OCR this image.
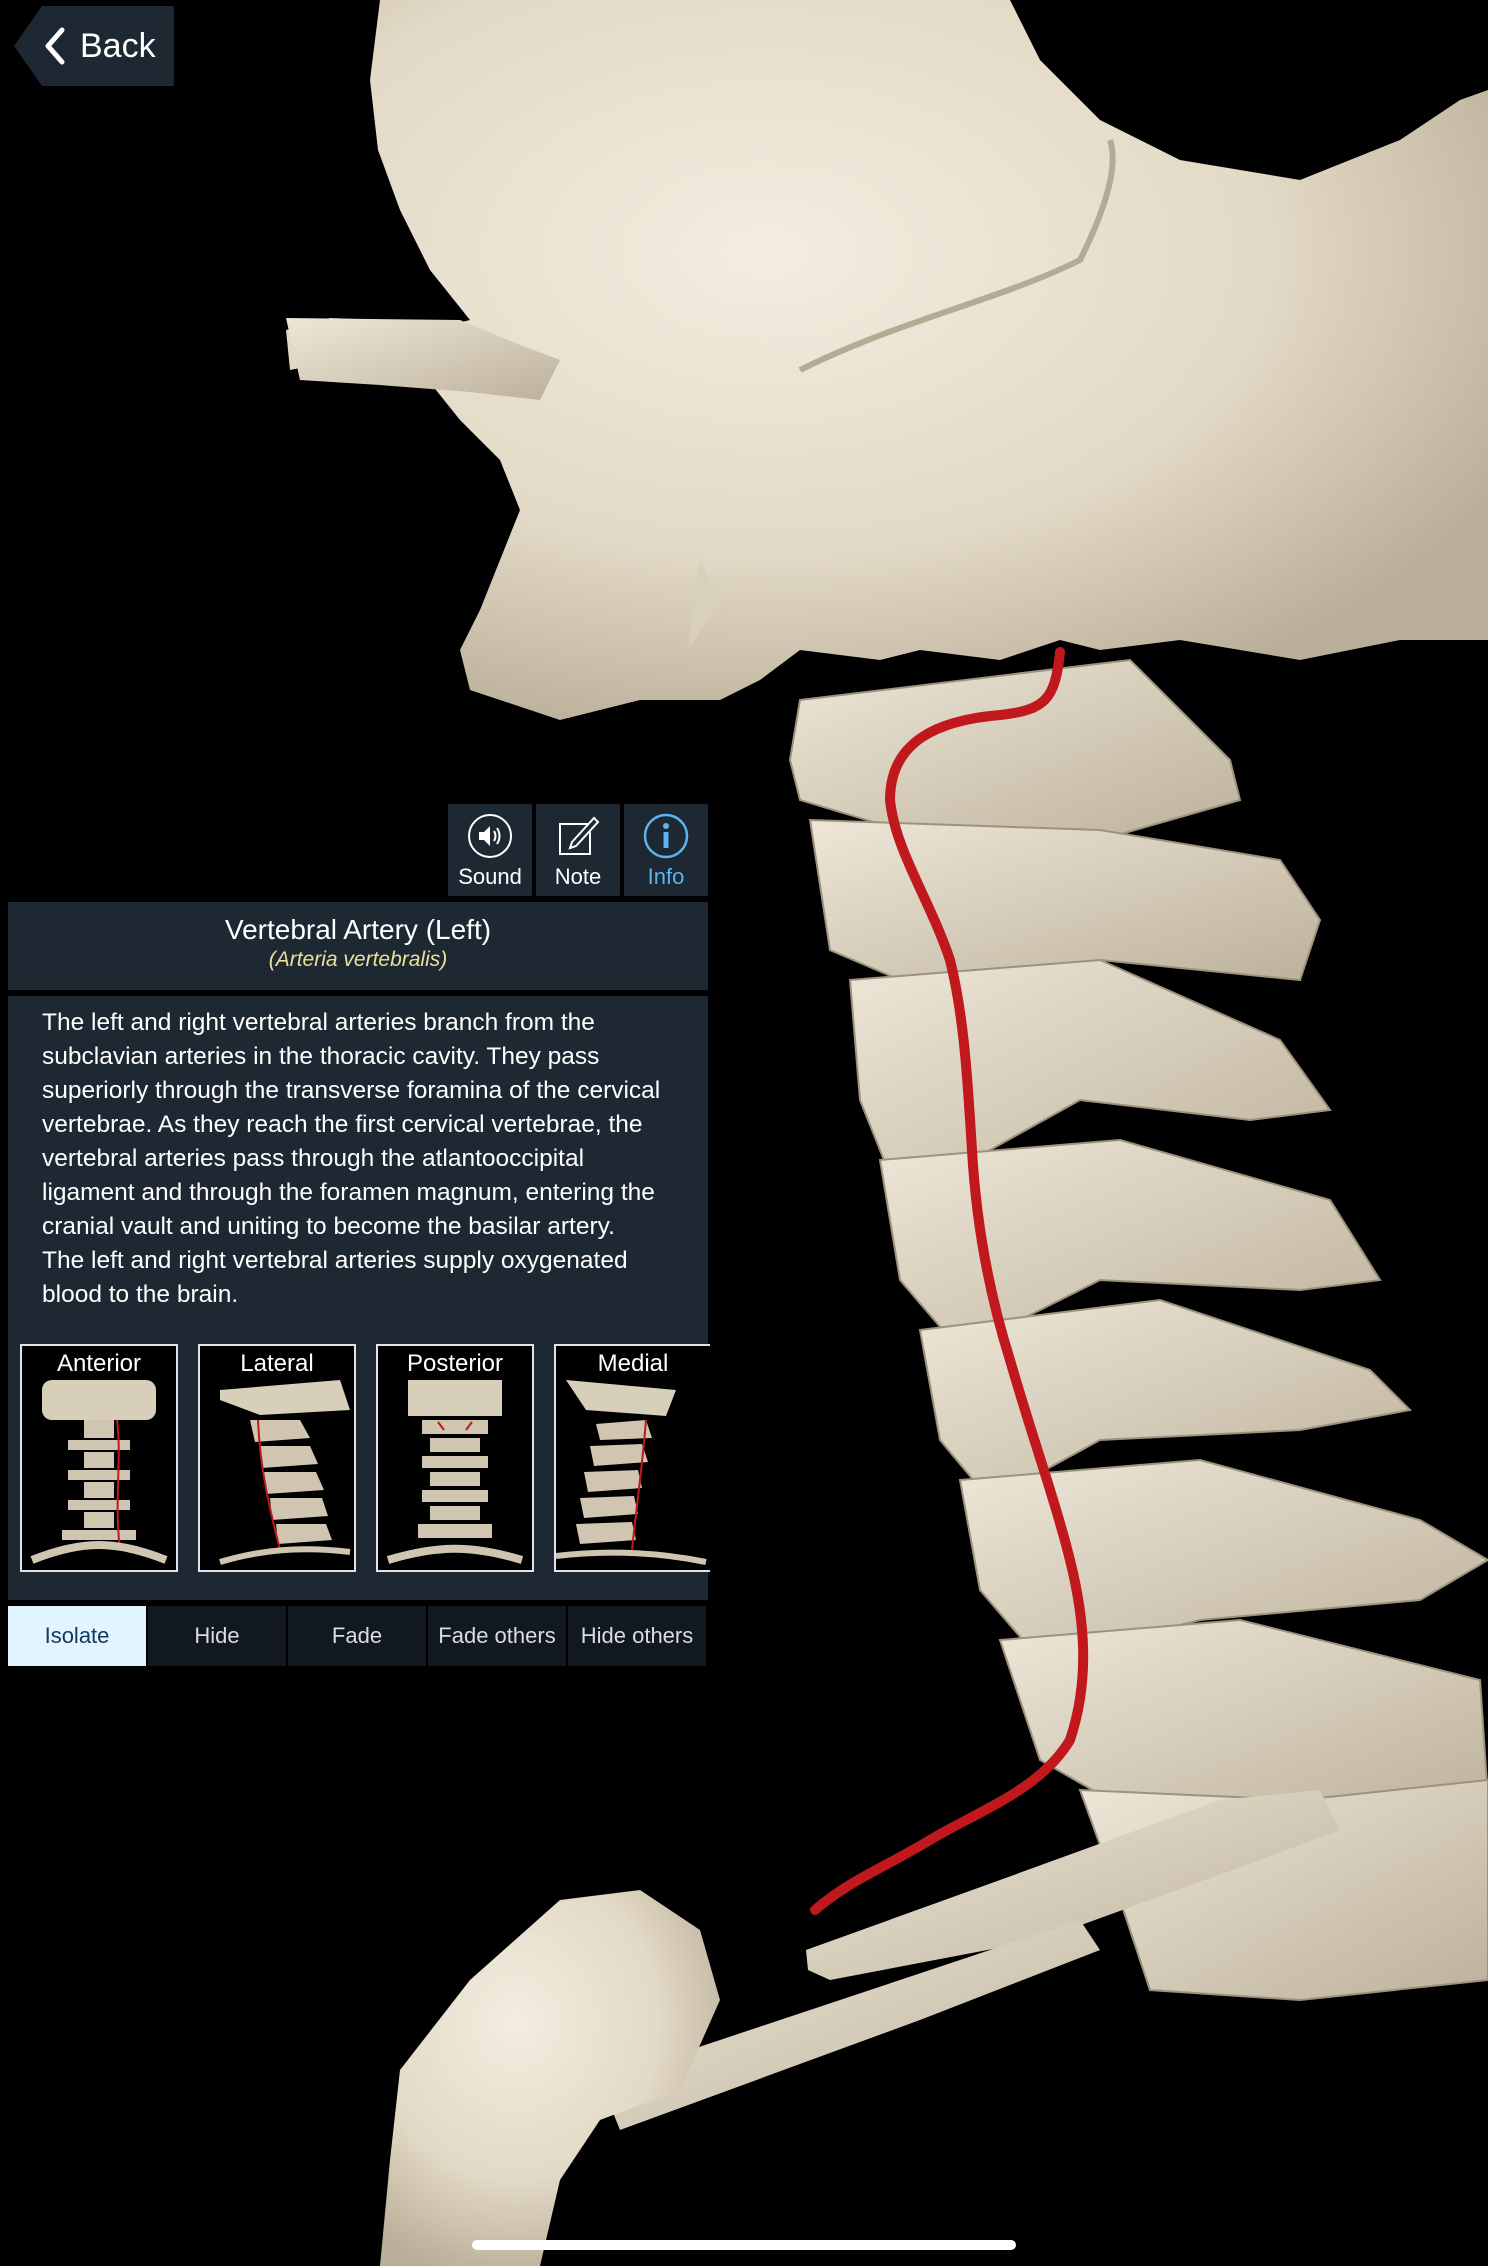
Back
Sound Note Info
Vertebral Artery (Left)
(Arteria vertebralis)
The left and right vertebral arteries branch from the subclavian arteries in the thoracic cavity. They pass superiorly through the transverse foramina of the cervical vertebrae. As they reach the first cervical vertebrae, the vertebral arteries pass through the atlantooccipital ligament and through the foramen magnum, entering the cranial vault and uniting to become the basilar artery. The left and right vertebral arteries supply oxygenated blood to the brain.
Anterior	Lateral	Posterior	Medial
Isolate	Hide	Fade	Fade others	Hide others
